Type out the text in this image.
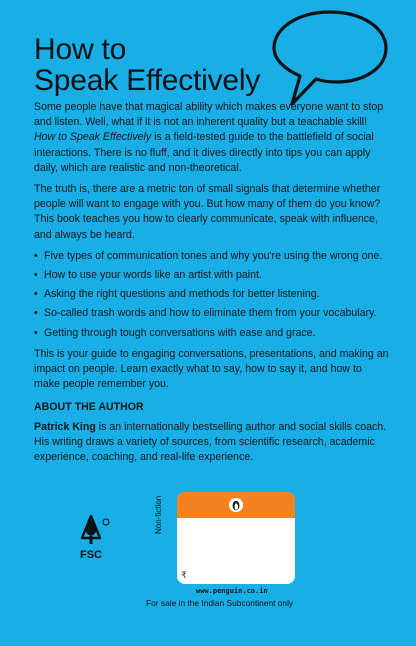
How to
Speak Effectively

Some people have that magical ability which makes everyone want to stop and listen. Well, what if it is not an inherent quality but a teachable skill!

How to Speak Effectively is a field-tested guide to the battlefield of social interactions. There is no fluff, and it dives directly into tips you can apply daily, which are realistic and non-theoretical.

The truth is, there are a metric ton of small signals that determine whether people will want to engage with you. But how many of them do you know? This book teaches you how to clearly communicate, speak with influence, and always be heard.

• Five types of communication tones and why you're using the wrong one.
• How to use your words like an artist with paint.
• Asking the right questions and methods for better listening.
• So-called trash words and how to eliminate them from your vocabulary.
• Getting through tough conversations with ease and grace.

This is your guide to engaging conversations, presentations, and making an impact on people. Learn exactly what to say, how to say it, and how to make people remember you.

ABOUT THE AUTHOR

Patrick King is an internationally bestselling author and social skills coach. His writing draws a variety of sources, from scientific research, academic experience, coaching, and real-life experience.

FSC
Non-fiction
₹
www.penguin.co.in
For sale in the Indian Subcontinent only
